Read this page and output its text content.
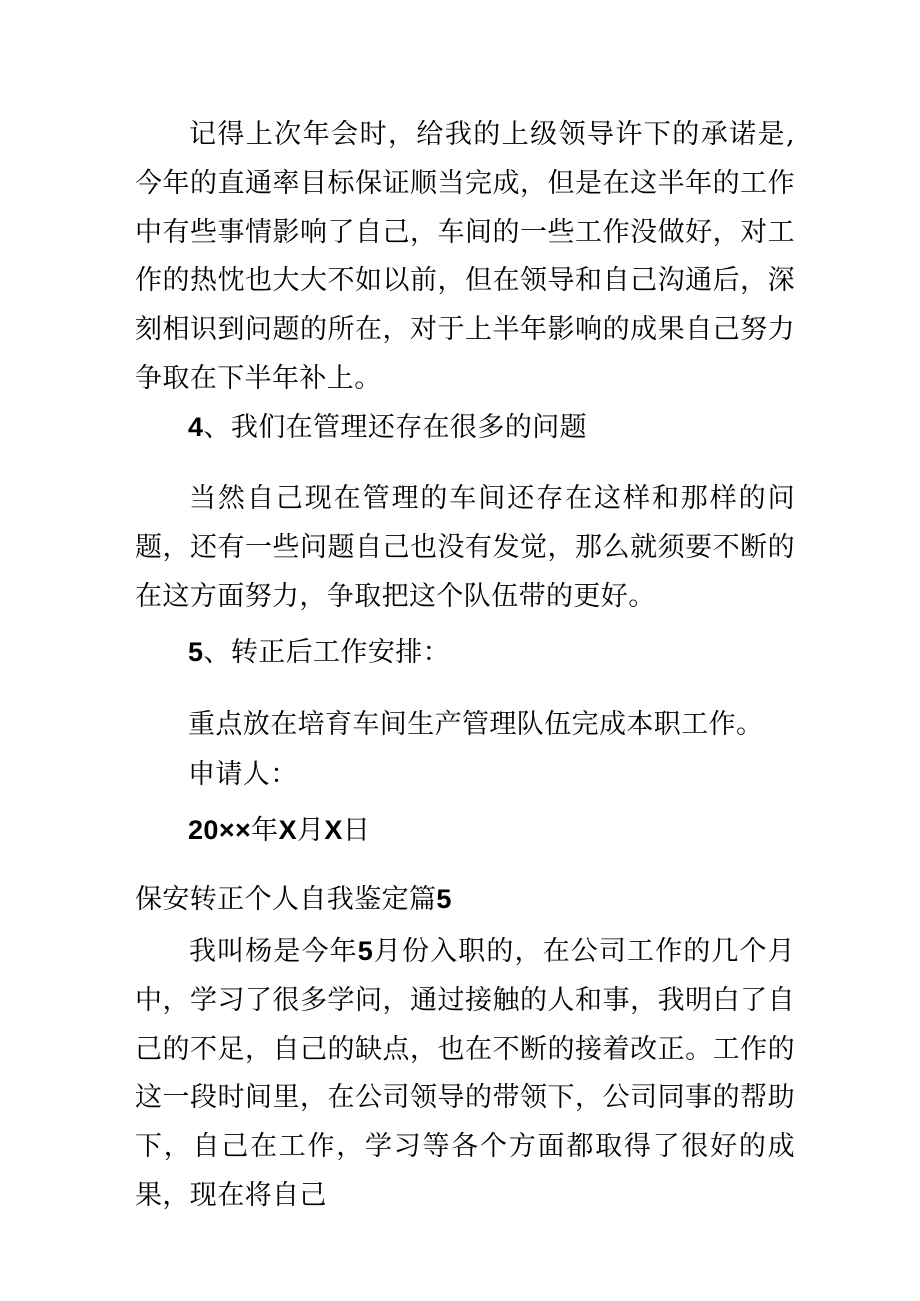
记得上次年会时，给我的上级领导许下的承诺是,今年的直通率目标保证顺当完成，但是在这半年的工作中有些事情影响了自己，车间的一些工作没做好，对工作的热忱也大大不如以前，但在领导和自己沟通后，深刻相识到问题的所在，对于上半年影响的成果自己努力争取在下半年补上。

4、我们在管理还存在很多的问题

当然自己现在管理的车间还存在这样和那样的问题，还有一些问题自己也没有发觉，那么就须要不断的在这方面努力，争取把这个队伍带的更好。

5、转正后工作安排：

重点放在培育车间生产管理队伍完成本职工作。

申请人：

20××年X月X日

保安转正个人自我鉴定篇5

我叫杨是今年5月份入职的，在公司工作的几个月中，学习了很多学问，通过接触的人和事，我明白了自己的不足，自己的缺点，也在不断的接着改正。工作的这一段时间里，在公司领导的带领下，公司同事的帮助下，自己在工作，学习等各个方面都取得了很好的成果，现在将自己
